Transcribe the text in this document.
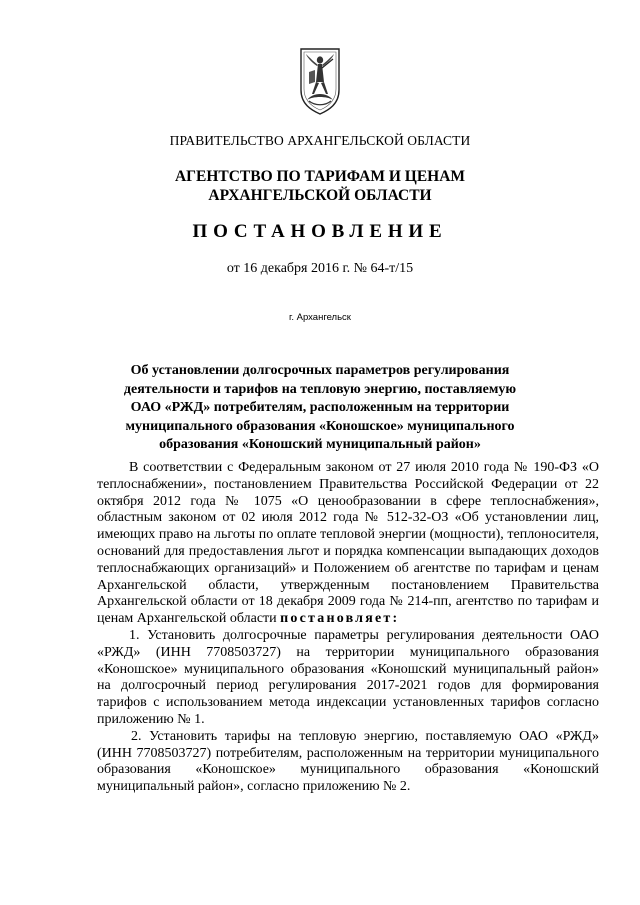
ПРАВИТЕЛЬСТВО АРХАНГЕЛЬСКОЙ ОБЛАСТИ
АГЕНТСТВО ПО ТАРИФАМ И ЦЕНАМ
АРХАНГЕЛЬСКОЙ ОБЛАСТИ
ПОСТАНОВЛЕНИЕ
от 16 декабря 2016 г. № 64-т/15
г. Архангельск
Об установлении долгосрочных параметров регулирования
деятельности и тарифов на тепловую энергию, поставляемую
ОАО «РЖД» потребителям, расположенным на территории
муниципального образования «Коношское» муниципального
образования «Коношский муниципальный район»

В соответствии с Федеральным законом от 27 июля 2010 года № 190-ФЗ «О теплоснабжении», постановлением Правительства Российской Федерации от 22 октября 2012 года № 1075 «О ценообразовании в сфере теплоснабжения», областным законом от 02 июля 2012 года № 512-32-ОЗ «Об установлении лиц, имеющих право на льготы по оплате тепловой энергии (мощности), теплоносителя, оснований для предоставления льгот и порядка компенсации выпадающих доходов теплоснабжающих организаций» и Положением об агентстве по тарифам и ценам Архангельской области, утвержденным постановлением Правительства Архангельской области от 18 декабря 2009 года № 214-пп, агентство по тарифам и ценам Архангельской области постановляет:

1. Установить долгосрочные параметры регулирования деятельности ОАО «РЖД» (ИНН 7708503727) на территории муниципального образования «Коношское» муниципального образования «Коношский муниципальный район» на долгосрочный период регулирования 2017-2021 годов для формирования тарифов с использованием метода индексации установленных тарифов согласно приложению № 1.

2. Установить тарифы на тепловую энергию, поставляемую ОАО «РЖД» (ИНН 7708503727) потребителям, расположенным на территории муниципального образования «Коношское» муниципального образования «Коношский муниципальный район», согласно приложению № 2.
